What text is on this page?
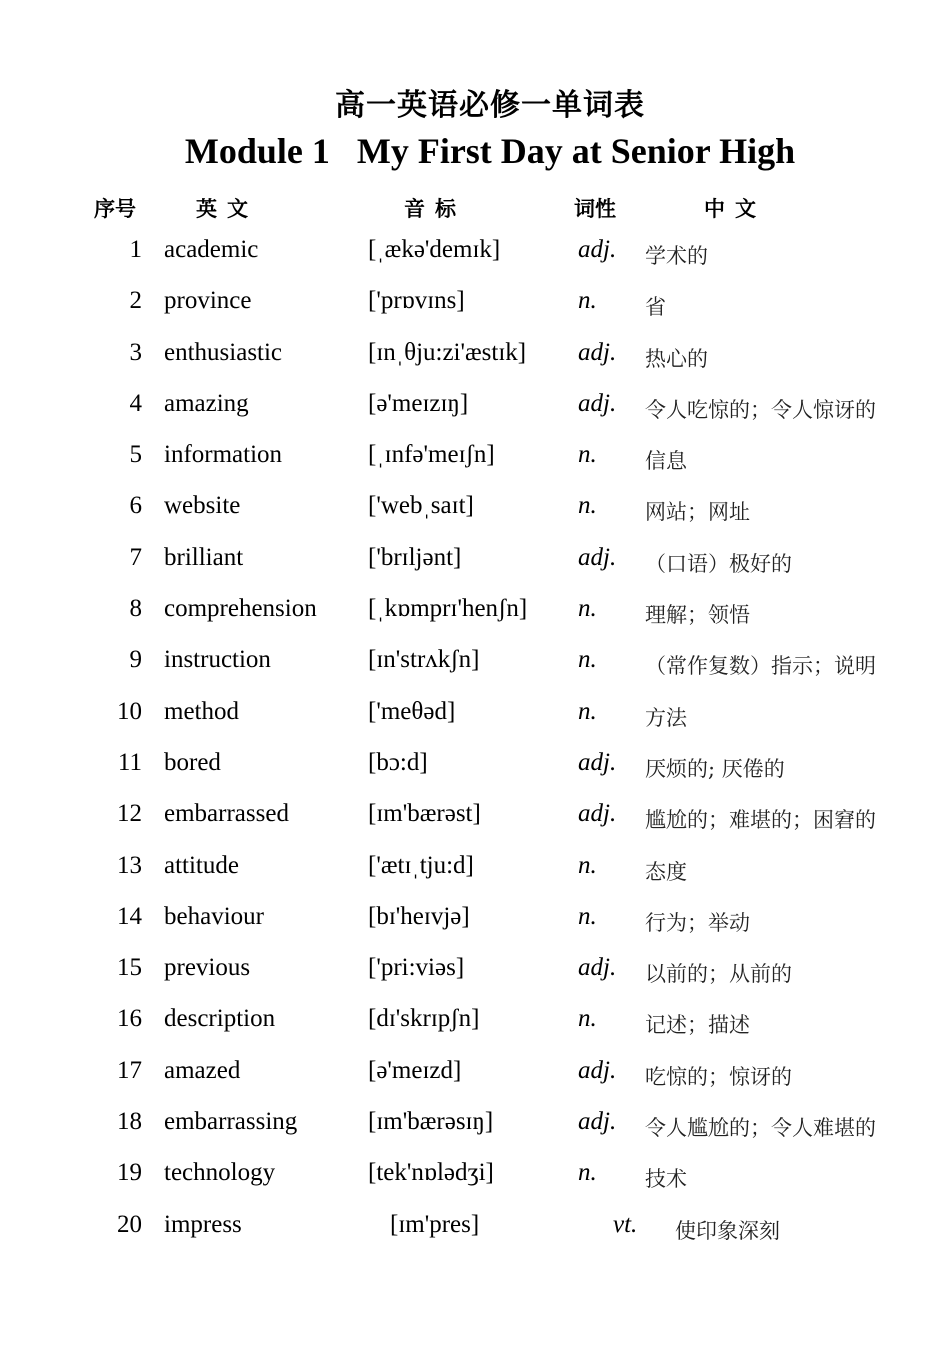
高一英语必修一单词表
Module 1   My First Day at Senior High
序号	英文	音标	词性	中文
1 academic	[ˌækə'demɪk]	adj. 学术的
2 province	['prɒvɪns]	n. 省
3 enthusiastic	[ɪnˌθju:zi'æstɪk] adj. 热心的
4 amazing	[ə'meɪzɪŋ]	adj. 令人吃惊的；令人惊讶的
5 information	[ˌɪnfə'meɪʃn]	n. 信息
6 website	['webˌsaɪt]	n. 网站；网址
7 brilliant	['brɪljənt]	adj. （口语）极好的
8 comprehension [ˌkɒmprɪ'henʃn] n. 理解；领悟
9 instruction	[ɪn'strʌkʃn]	n. （常作复数）指示；说明
10 method	['meθəd]	n. 方法
11 bored	[bɔ:d]	adj. 厌烦的; 厌倦的
12 embarrassed	[ɪm'bærəst]	adj. 尴尬的；难堪的；困窘的
13 attitude	['ætɪˌtju:d]	n. 态度
14 behaviour	[bɪ'heɪvjə]	n. 行为；举动
15 previous	['pri:viəs]	adj. 以前的；从前的
16 description	[dɪ'skrɪpʃn]	n. 记述；描述
17 amazed	[ə'meɪzd]	adj. 吃惊的；惊讶的
18 embarrassing	[ɪm'bærəsɪŋ]	adj. 令人尴尬的；令人难堪的
19 technology	[tek'nɒlədʒi]	n. 技术
20 impress	[ɪm'pres]	vt. 使印象深刻
